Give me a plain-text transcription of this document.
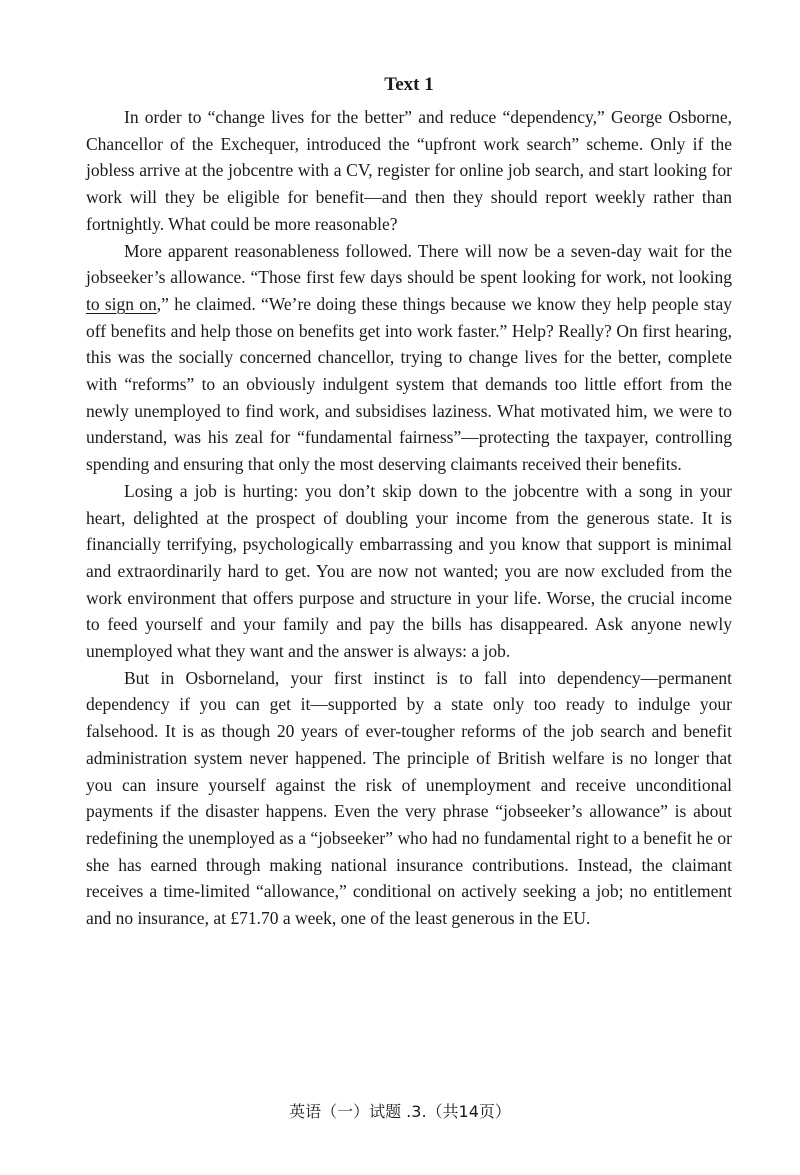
Text 1

In order to “change lives for the better” and reduce “dependency,” George Osborne, Chancellor of the Exchequer, introduced the “upfront work search” scheme. Only if the jobless arrive at the jobcentre with a CV, register for online job search, and start looking for work will they be eligible for benefit—and then they should report weekly rather than fortnightly. What could be more reasonable?

More apparent reasonableness followed. There will now be a seven-day wait for the jobseeker’s allowance. “Those first few days should be spent looking for work, not looking to sign on,” he claimed. “We’re doing these things because we know they help people stay off benefits and help those on benefits get into work faster.” Help? Really? On first hearing, this was the socially concerned chancellor, trying to change lives for the better, complete with “reforms” to an obviously indulgent system that demands too little effort from the newly unemployed to find work, and subsidises laziness. What motivated him, we were to understand, was his zeal for “fundamental fairness”—protecting the taxpayer, controlling spending and ensuring that only the most deserving claimants received their benefits.

Losing a job is hurting: you don’t skip down to the jobcentre with a song in your heart, delighted at the prospect of doubling your income from the generous state. It is financially terrifying, psychologically embarrassing and you know that support is minimal and extraordinarily hard to get. You are now not wanted; you are now excluded from the work environment that offers purpose and structure in your life. Worse, the crucial income to feed yourself and your family and pay the bills has disappeared. Ask anyone newly unemployed what they want and the answer is always: a job.

But in Osborneland, your first instinct is to fall into dependency—permanent dependency if you can get it—supported by a state only too ready to indulge your falsehood. It is as though 20 years of ever-tougher reforms of the job search and benefit administration system never happened. The principle of British welfare is no longer that you can insure yourself against the risk of unemployment and receive unconditional payments if the disaster happens. Even the very phrase “jobseeker’s allowance” is about redefining the unemployed as a “jobseeker” who had no fundamental right to a benefit he or she has earned through making national insurance contributions. Instead, the claimant receives a time-limited “allowance,” conditional on actively seeking a job; no entitlement and no insurance, at £71.70 a week, one of the least generous in the EU.

英语（一）试题 .3.（共14页）
